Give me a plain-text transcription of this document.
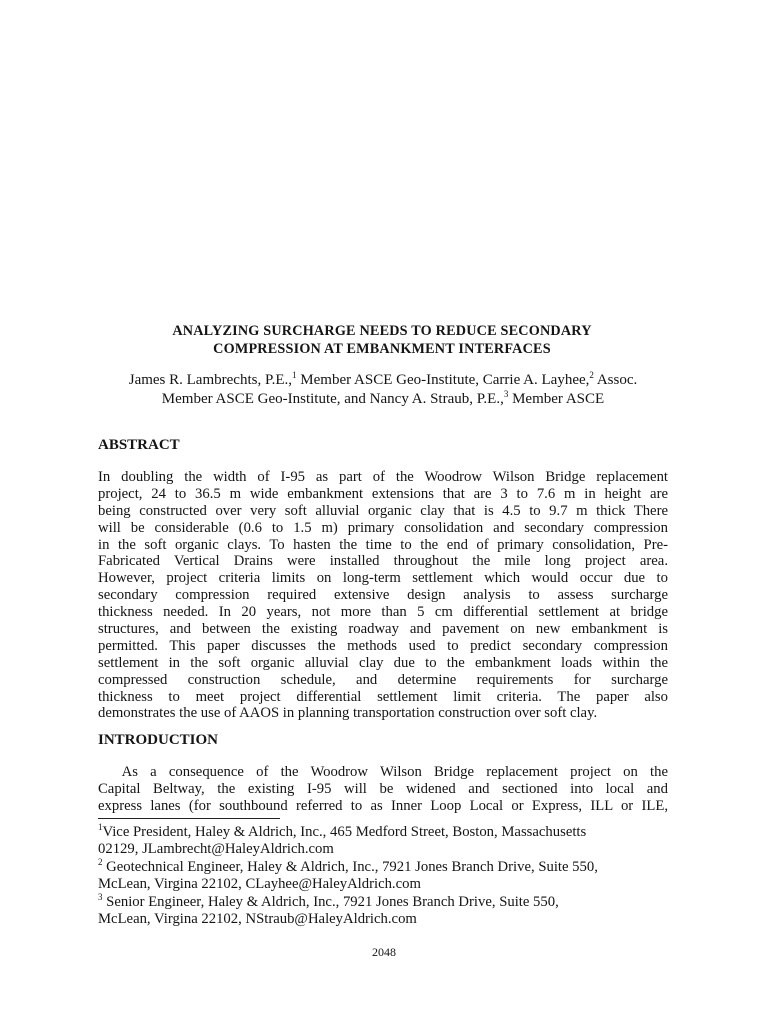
ANALYZING SURCHARGE NEEDS TO REDUCE SECONDARY
COMPRESSION AT EMBANKMENT INTERFACES
James R. Lambrechts, P.E.,$^1$ Member ASCE Geo-Institute, Carrie A. Layhee,$^2$ Assoc.
Member ASCE Geo-Institute, and Nancy A. Straub, P.E.,$^3$ Member ASCE
ABSTRACT
In doubling the width of I-95 as part of the Woodrow Wilson Bridge replacement
project, 24 to 36.5 m wide embankment extensions that are 3 to 7.6 m in height are
being constructed over very soft alluvial organic clay that is 4.5 to 9.7 m thick There
will be considerable (0.6 to 1.5 m) primary consolidation and secondary compression
in the soft organic clays. To hasten the time to the end of primary consolidation, Pre-
Fabricated Vertical Drains were installed throughout the mile long project area.
However, project criteria limits on long-term settlement which would occur due to
secondary compression required extensive design analysis to assess surcharge
thickness needed. In 20 years, not more than 5 cm differential settlement at bridge
structures, and between the existing roadway and pavement on new embankment is
permitted. This paper discusses the methods used to predict secondary compression
settlement in the soft organic alluvial clay due to the embankment loads within the
compressed construction schedule, and determine requirements for surcharge
thickness to meet project differential settlement limit criteria. The paper also
demonstrates the use of AAOS in planning transportation construction over soft clay.
INTRODUCTION
As a consequence of the Woodrow Wilson Bridge replacement project on the
Capital Beltway, the existing I-95 will be widened and sectioned into local and
express lanes (for southbound referred to as Inner Loop Local or Express, ILL or ILE,
$^1$Vice President, Haley & Aldrich, Inc., 465 Medford Street, Boston, Massachusetts
02129, JLambrecht@HaleyAldrich.com
$^2$ Geotechnical Engineer, Haley & Aldrich, Inc., 7921 Jones Branch Drive, Suite 550,
McLean, Virgina 22102, CLayhee@HaleyAldrich.com
$^3$ Senior Engineer, Haley & Aldrich, Inc., 7921 Jones Branch Drive, Suite 550,
McLean, Virgina 22102, NStraub@HaleyAldrich.com
2048
